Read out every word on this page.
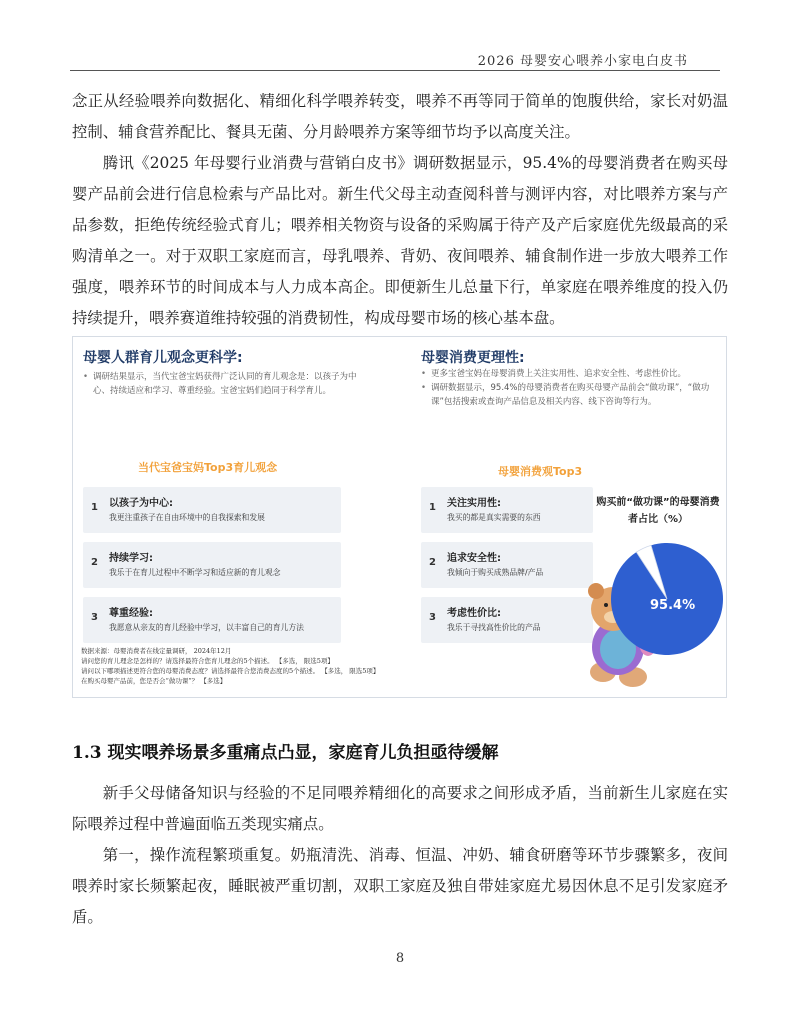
2026 母婴安心喂养小家电白皮书

念正从经验喂养向数据化、精细化科学喂养转变，喂养不再等同于简单的饱腹供给，家长对奶温控制、辅食营养配比、餐具无菌、分月龄喂养方案等细节均予以高度关注。

腾讯《2025 年母婴行业消费与营销白皮书》调研数据显示，95.4%的母婴消费者在购买母婴产品前会进行信息检索与产品比对。新生代父母主动查阅科普与测评内容，对比喂养方案与产品参数，拒绝传统经验式育儿；喂养相关物资与设备的采购属于待产及产后家庭优先级最高的采购清单之一。对于双职工家庭而言，母乳喂养、背奶、夜间喂养、辅食制作进一步放大喂养工作强度，喂养环节的时间成本与人力成本高企。即便新生儿总量下行，单家庭在喂养维度的投入仍持续提升，喂养赛道维持较强的消费韧性，构成母婴市场的核心基本盘。

母婴人群育儿观念更科学:
• 调研结果显示，当代宝爸宝妈获得广泛认同的育儿观念是：以孩子为中心、持续适应和学习、尊重经验。宝爸宝妈们趋同于科学育儿。
当代宝爸宝妈Top3育儿观念
1 以孩子为中心:
我更注重孩子在自由环境中的自我探索和发展
2 持续学习:
我乐于在育儿过程中不断学习和适应新的育儿观念
3 尊重经验:
我愿意从亲友的育儿经验中学习，以丰富自己的育儿方法
母婴消费更理性:
• 更多宝爸宝妈在母婴消费上关注实用性、追求安全性、考虑性价比。
• 调研数据显示，95.4%的母婴消费者在购买母婴产品前会“做功课”，“做功课”包括搜索或查询产品信息及相关内容、线下咨询等行为。
母婴消费观Top3
1 关注实用性:
我买的都是真实需要的东西
2 追求安全性:
我倾向于购买成熟品牌/产品
3 考虑性价比:
我乐于寻找高性价比的产品
购买前“做功课”的母婴消费者占比（%）
95.4%
数据来源：母婴消费者在线定量调研， 2024年12月
请问您的育儿理念是怎样的？请选择最符合您育儿理念的5个描述。 【多选， 限选5项】
请问以下哪项描述更符合您的母婴消费态度？请选择最符合您消费态度的5个描述。 【多选， 限选5项】
在购买母婴产品前，您是否会“做功课”？ 【多选】
1.3 现实喂养场景多重痛点凸显，家庭育儿负担亟待缓解

新手父母储备知识与经验的不足同喂养精细化的高要求之间形成矛盾，当前新生儿家庭在实际喂养过程中普遍面临五类现实痛点。

第一，操作流程繁琐重复。奶瓶清洗、消毒、恒温、冲奶、辅食研磨等环节步骤繁多，夜间喂养时家长频繁起夜，睡眠被严重切割，双职工家庭及独自带娃家庭尤易因休息不足引发家庭矛盾。

8
